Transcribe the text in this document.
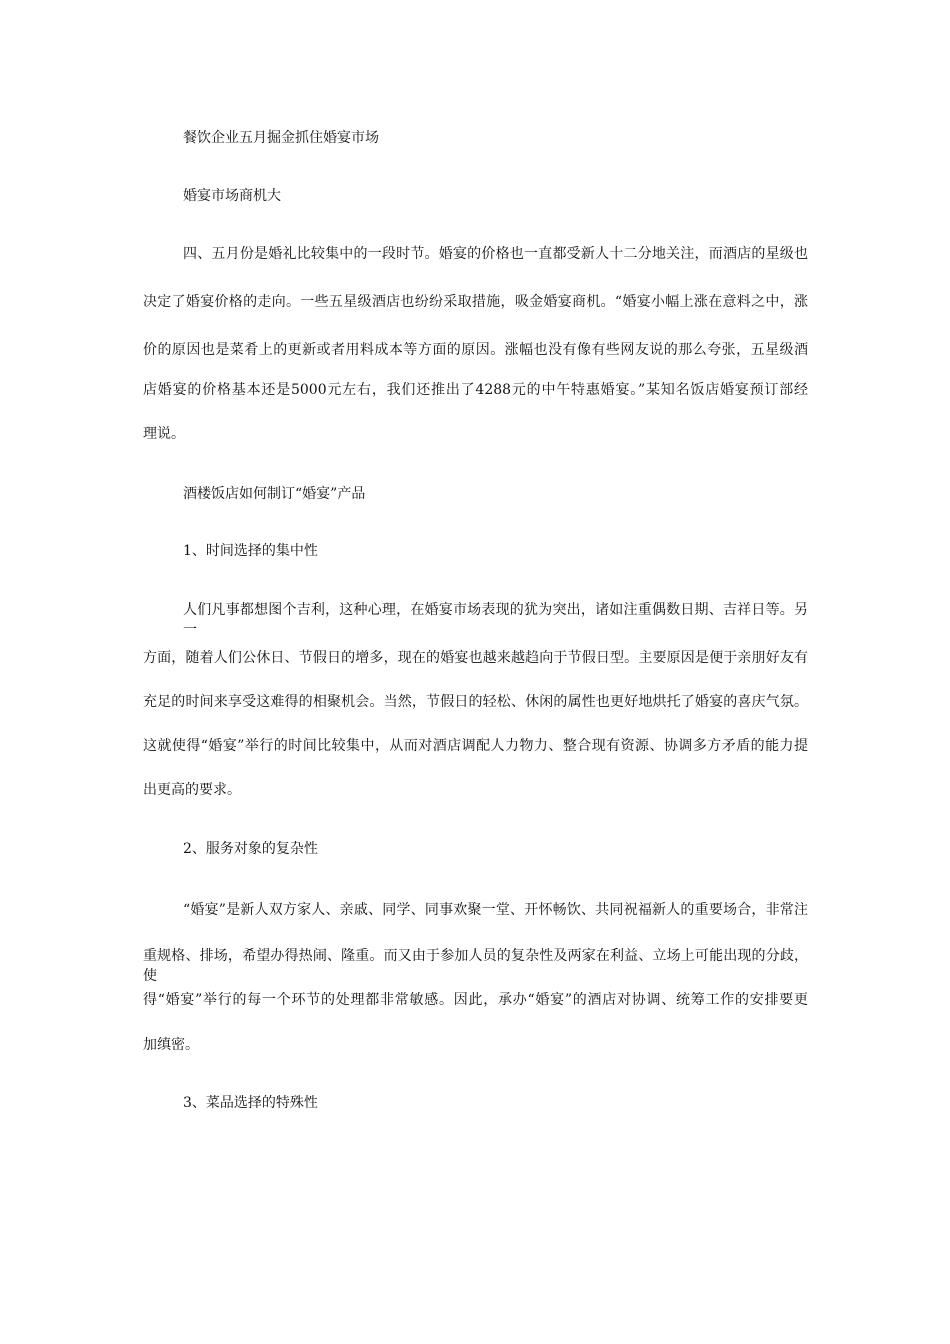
餐饮企业五月掘金抓住婚宴市场
婚宴市场商机大
四、五月份是婚礼比较集中的一段时节。婚宴的价格也一直都受新人十二分地关注，而酒店的星级也
决定了婚宴价格的走向。一些五星级酒店也纷纷采取措施，吸金婚宴商机。“婚宴小幅上涨在意料之中，涨
价的原因也是菜肴上的更新或者用料成本等方面的原因。涨幅也没有像有些网友说的那么夸张，五星级酒
店婚宴的价格基本还是5000元左右，我们还推出了4288元的中午特惠婚宴。”某知名饭店婚宴预订部经
理说。
酒楼饭店如何制订“婚宴”产品
1、时间选择的集中性
人们凡事都想图个吉利，这种心理，在婚宴市场表现的犹为突出，诸如注重偶数日期、吉祥日等。另一
方面，随着人们公休日、节假日的增多，现在的婚宴也越来越趋向于节假日型。主要原因是便于亲朋好友有
充足的时间来享受这难得的相聚机会。当然，节假日的轻松、休闲的属性也更好地烘托了婚宴的喜庆气氛。
这就使得“婚宴”举行的时间比较集中，从而对酒店调配人力物力、整合现有资源、协调多方矛盾的能力提
出更高的要求。
2、服务对象的复杂性
“婚宴”是新人双方家人、亲戚、同学、同事欢聚一堂、开怀畅饮、共同祝福新人的重要场合，非常注
重规格、排场，希望办得热闹、隆重。而又由于参加人员的复杂性及两家在利益、立场上可能出现的分歧，使
得“婚宴”举行的每一个环节的处理都非常敏感。因此，承办“婚宴”的酒店对协调、统筹工作的安排要更
加缜密。
3、菜品选择的特殊性
